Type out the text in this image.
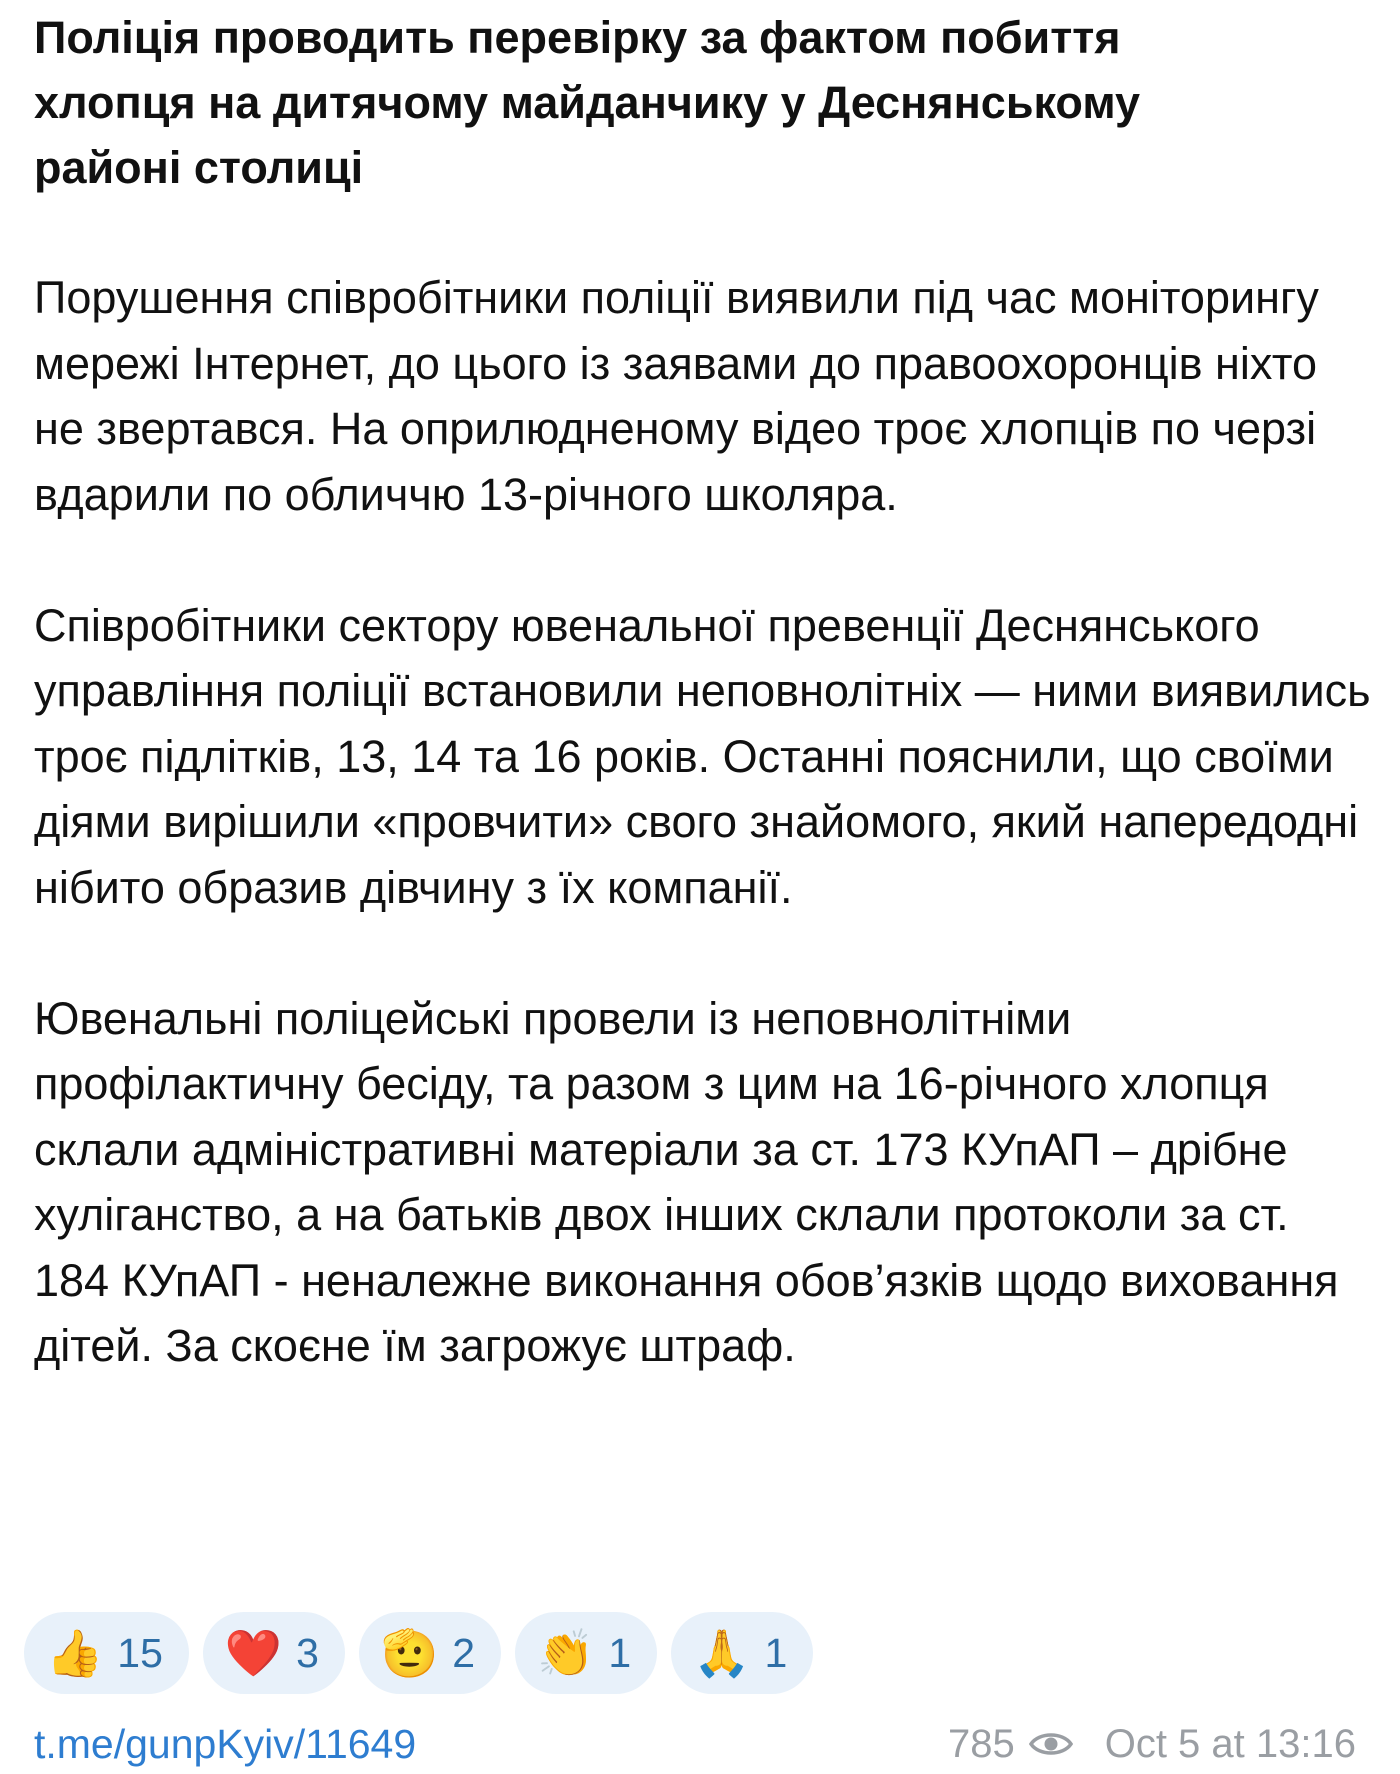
Поліція проводить перевірку за фактом побиття хлопця на дитячому майданчику у Деснянському районі столиці

Порушення співробітники поліції виявили під час моніторингу мережі Інтернет, до цього із заявами до правоохоронців ніхто не звертався. На оприлюдненому відео троє хлопців по черзі вдарили по обличчю 13-річного школяра.

Співробітники сектору ювенальної превенції Деснянського управління поліції встановили неповнолітніх — ними виявились троє підлітків, 13, 14 та 16 років. Останні пояснили, що своїми діями вирішили «провчити» свого знайомого, який напередодні нібито образив дівчину з їх компанії.

Ювенальні поліцейські провели із неповнолітніми профілактичну бесіду, та разом з цим на 16-річного хлопця склали адміністративні матеріали за ст. 173 КУпАП – дрібне хуліганство, а на батьків двох інших склали протоколи за ст. 184 КУпАП - неналежне виконання обов’язків щодо виховання дітей. За скоєне їм загрожує штраф.

👍 15 ❤️ 3 🫡 2 👏 1 🙏 1
t.me/gunpKyiv/11649	785 Oct 5 at 13:16
